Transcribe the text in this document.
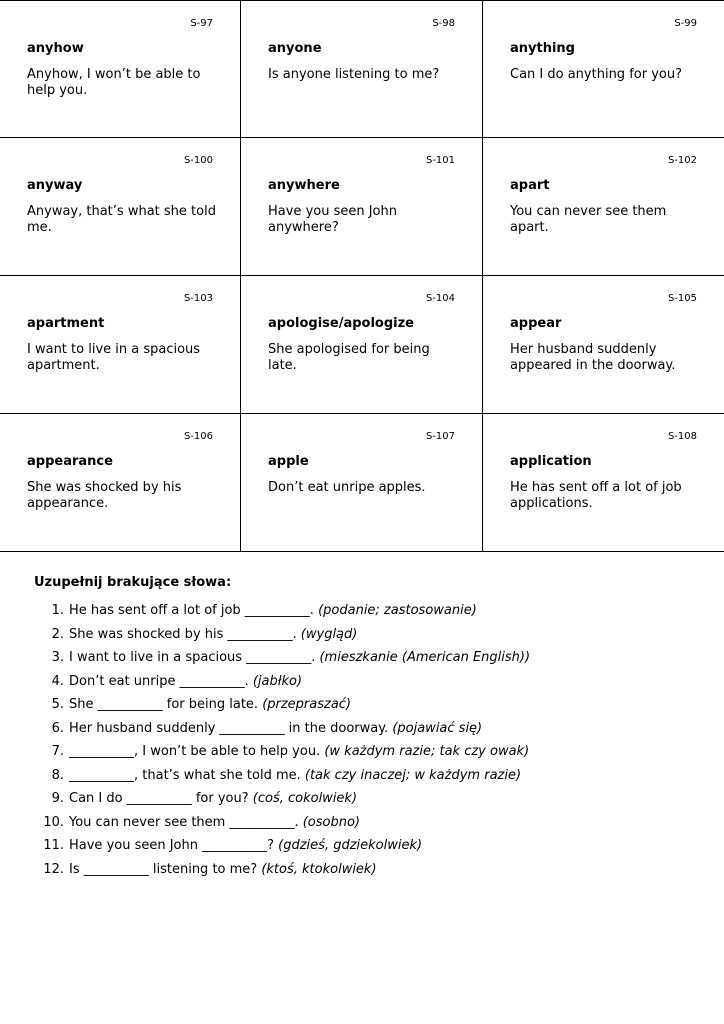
S-97
anyhow
Anyhow, I won’t be able to help you.
S-98
anyone
Is anyone listening to me?
S-99
anything
Can I do anything for you?
S-100
anyway
Anyway, that’s what she told me.
S-101
anywhere
Have you seen John anywhere?
S-102
apart
You can never see them apart.
S-103
apartment
I want to live in a spacious apartment.
S-104
apologise/apologize
She apologised for being late.
S-105
appear
Her husband suddenly appeared in the doorway.
S-106
appearance
She was shocked by his appearance.
S-107
apple
Don’t eat unripe apples.
S-108
application
He has sent off a lot of job applications.
Uzupełnij brakujące słowa:
1. He has sent off a lot of job __________. (podanie; zastosowanie)
2. She was shocked by his __________. (wygląd)
3. I want to live in a spacious __________. (mieszkanie (American English))
4. Don’t eat unripe __________. (jabłko)
5. She __________ for being late. (przepraszać)
6. Her husband suddenly __________ in the doorway. (pojawiać się)
7. __________, I won’t be able to help you. (w każdym razie; tak czy owak)
8. __________, that’s what she told me. (tak czy inaczej; w każdym razie)
9. Can I do __________ for you? (coś, cokolwiek)
10. You can never see them __________. (osobno)
11. Have you seen John __________? (gdzieś, gdziekolwiek)
12. Is __________ listening to me? (ktoś, ktokolwiek)
